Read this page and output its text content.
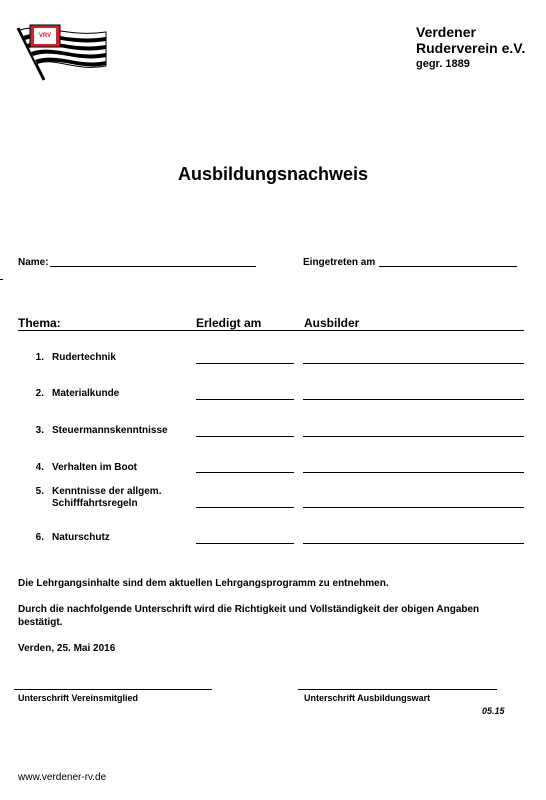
VRV	Verdener
Ruderverein e.V.
gegr. 1889
Ausbildungsnachweis
Name:	Eingetreten am
Thema:	Erledigt am	Ausbilder
1. Rudertechnik
2. Materialkunde
3. Steuermannskenntnisse
4. Verhalten im Boot
5. Kenntnisse der allgem.
Schifffahrtsregeln
6. Naturschutz
Die Lehrgangsinhalte sind dem aktuellen Lehrgangsprogramm zu entnehmen.
Durch die nachfolgende Unterschrift wird die Richtigkeit und Vollständigkeit der obigen Angaben bestätigt.
Verden, 25. Mai 2016
Unterschrift Vereinsmitglied	Unterschrift Ausbildungswart
05.15
www.verdener-rv.de
